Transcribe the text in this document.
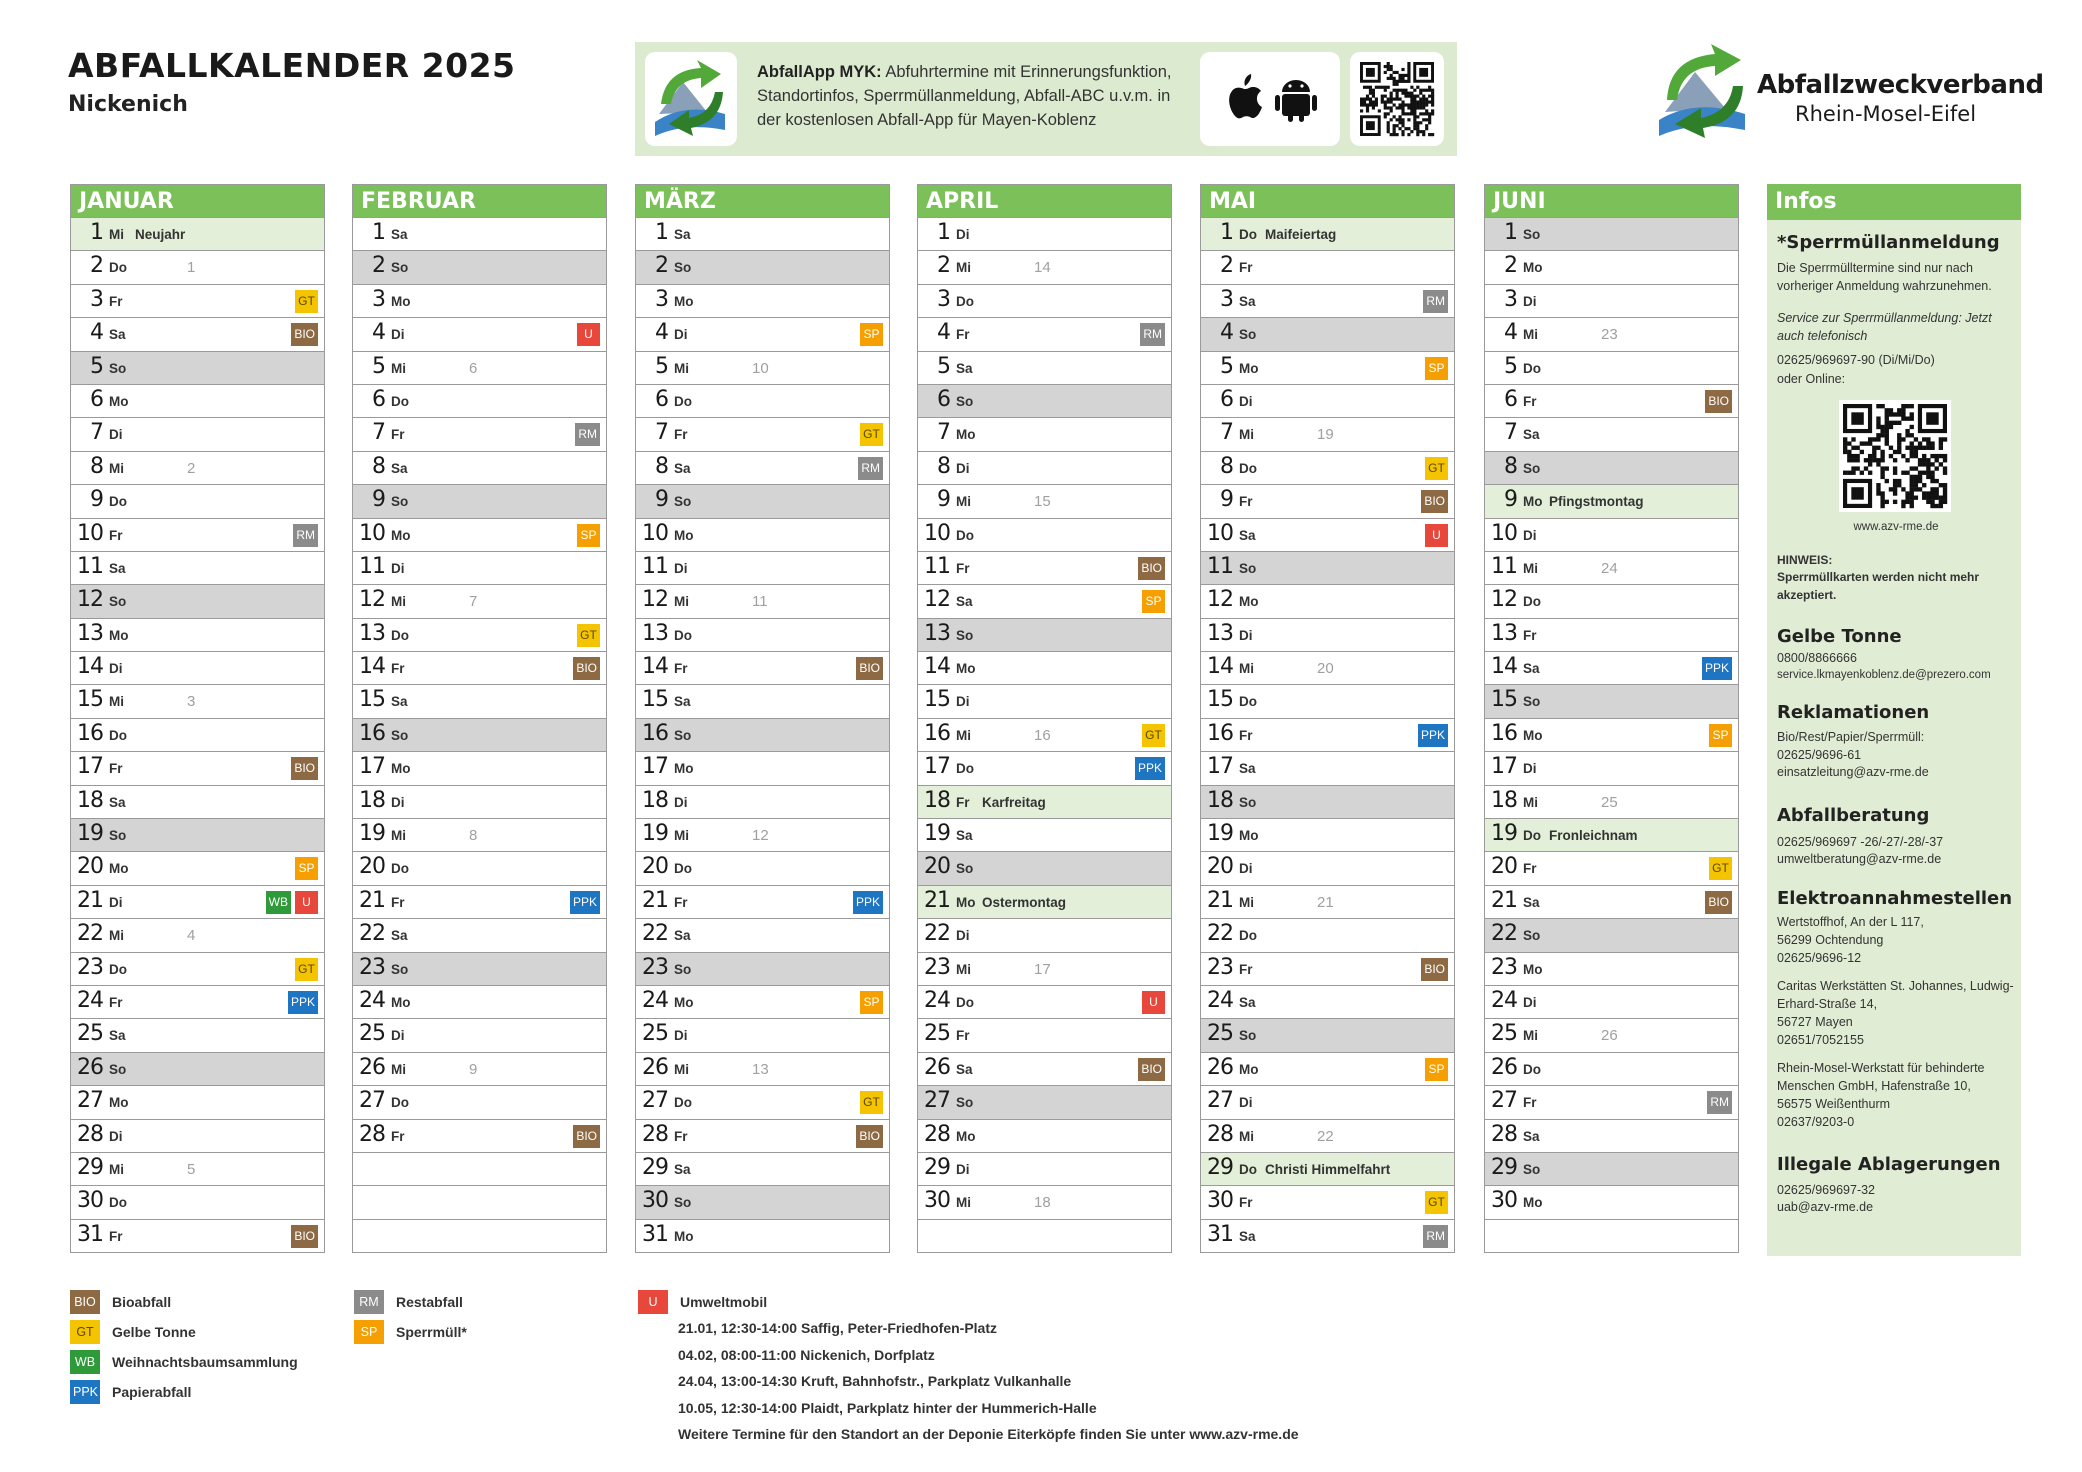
ABFALLKALENDER 2025
Nickenich
AbfallApp MYK: Abfuhrtermine mit Erinnerungsfunktion, Standortinfos, Sperrmüllanmeldung, Abfall-ABC u.v.m. in der kostenlosen Abfall-App für Mayen-Koblenz
Abfallzweckverband
Rhein-Mosel-Eifel
JANUAR
1 Mi Neujahr
2 Do	1
3 Fr	GT
4 Sa	BIO
5 So
6 Mo
7 Di
8 Mi	2
9 Do
10 Fr	RM
11 Sa
12 So
13 Mo
14 Di
15 Mi	3
16 Do
17 Fr	BIO
18 Sa
19 So
20 Mo	SP
21 Di	WB	U
22 Mi	4
23 Do	GT
24 Fr	PPK
25 Sa
26 So
27 Mo
28 Di
29 Mi	5
30 Do
31 Fr	BIO
FEBRUAR
1 Sa
2 So
3 Mo
4 Di	U
5 Mi	6
6 Do
7 Fr	RM
8 Sa
9 So
10 Mo	SP
11 Di
12 Mi	7
13 Do	GT
14 Fr	BIO
15 Sa
16 So
17 Mo
18 Di
19 Mi	8
20 Do
21 Fr	PPK
22 Sa
23 So
24 Mo
25 Di
26 Mi	9
27 Do
28 Fr	BIO
MÄRZ
1 Sa
2 So
3 Mo
4 Di	SP
5 Mi	10
6 Do
7 Fr	GT
8 Sa	RM
9 So
10 Mo
11 Di
12 Mi	11
13 Do
14 Fr	BIO
15 Sa
16 So
17 Mo
18 Di
19 Mi	12
20 Do
21 Fr	PPK
22 Sa
23 So
24 Mo	SP
25 Di
26 Mi	13
27 Do	GT
28 Fr	BIO
29 Sa
30 So
31 Mo
APRIL
1 Di
2 Mi	14
3 Do
4 Fr	RM
5 Sa
6 So
7 Mo
8 Di
9 Mi	15
10 Do
11 Fr	BIO
12 Sa	SP
13 So
14 Mo
15 Di
16 Mi	16	GT
17 Do	PPK
18 Fr Karfreitag
19 Sa
20 So
21 Mo Ostermontag
22 Di
23 Mi	17
24 Do	U
25 Fr
26 Sa	BIO
27 So
28 Mo
29 Di
30 Mi	18
MAI
1 Do Maifeiertag
2 Fr
3 Sa	RM
4 So
5 Mo	SP
6 Di
7 Mi	19
8 Do	GT
9 Fr	BIO
10 Sa	U
11 So
12 Mo
13 Di
14 Mi	20
15 Do
16 Fr	PPK
17 Sa
18 So
19 Mo
20 Di
21 Mi	21
22 Do
23 Fr	BIO
24 Sa
25 So
26 Mo	SP
27 Di
28 Mi	22
29 Do Christi Himmelfahrt
30 Fr	GT
31 Sa	RM
JUNI
1 So
2 Mo
3 Di
4 Mi	23
5 Do
6 Fr	BIO
7 Sa
8 So
9 Mo Pfingstmontag
10 Di
11 Mi	24
12 Do
13 Fr
14 Sa	PPK
15 So
16 Mo	SP
17 Di
18 Mi	25
19 Do Fronleichnam
20 Fr	GT
21 Sa	BIO
22 So
23 Mo
24 Di
25 Mi	26
26 Do
27 Fr	RM
28 Sa
29 So
30 Mo
Infos
*Sperrmüllanmeldung
Die Sperrmülltermine sind nur nach vorheriger Anmeldung wahrzunehmen.
Service zur Sperrmüllanmeldung: Jetzt auch telefonisch
02625/969697-90 (Di/Mi/Do)
oder Online:
www.azv-rme.de
HINWEIS:
Sperrmüllkarten werden nicht mehr akzeptiert.
Gelbe Tonne
0800/8866666
service.lkmayenkoblenz.de@prezero.com
Reklamationen
Bio/Rest/Papier/Sperrmüll:
02625/9696-61
einsatzleitung@azv-rme.de
Abfallberatung
02625/969697 -26/-27/-28/-37
umweltberatung@azv-rme.de
Elektroannahmestellen
Wertstoffhof, An der L 117,
56299 Ochtendung
02625/9696-12
Caritas Werkstätten St. Johannes, Ludwig-Erhard-Straße 14,
56727 Mayen
02651/7052155
Rhein-Mosel-Werkstatt für behinderte Menschen GmbH, Hafenstraße 10,
56575 Weißenthurm
02637/9203-0
Illegale Ablagerungen
02625/969697-32
uab@azv-rme.de
BIO	Bioabfall
GT	Gelbe Tonne
WB	Weihnachtsbaumsammlung
PPK Papierabfall
RM	Restabfall
SP	Sperrmüll*
U	Umweltmobil
21.01, 12:30-14:00 Saffig, Peter-Friedhofen-Platz
04.02, 08:00-11:00 Nickenich, Dorfplatz
24.04, 13:00-14:30 Kruft, Bahnhofstr., Parkplatz Vulkanhalle
10.05, 12:30-14:00 Plaidt, Parkplatz hinter der Hummerich-Halle
Weitere Termine für den Standort an der Deponie Eiterköpfe finden Sie unter www.azv-rme.de
